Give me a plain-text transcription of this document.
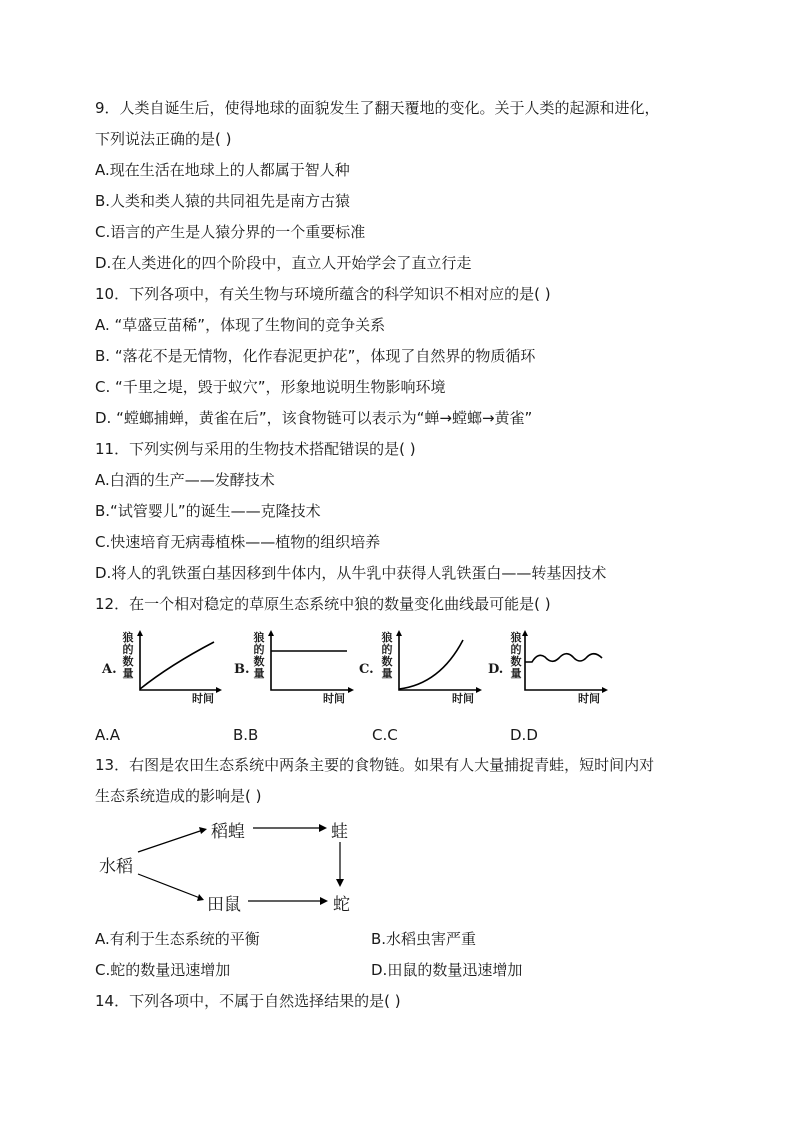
9．人类自诞生后，使得地球的面貌发生了翻天覆地的变化。关于人类的起源和进化，
下列说法正确的是( )
A.现在生活在地球上的人都属于智人种
B.人类和类人猿的共同祖先是南方古猿
C.语言的产生是人猿分界的一个重要标准
D.在人类进化的四个阶段中，直立人开始学会了直立行走
10．下列各项中，有关生物与环境所蕴含的科学知识不相对应的是( )
A. “草盛豆苗稀”，体现了生物间的竞争关系
B. “落花不是无情物，化作春泥更护花”，体现了自然界的物质循环
C. “千里之堤，毁于蚁穴”，形象地说明生物影响环境
D. “螳螂捕蝉，黄雀在后”，该食物链可以表示为“蝉→螳螂→黄雀”
11．下列实例与采用的生物技术搭配错误的是( )
A.白酒的生产——发酵技术
B.“试管婴儿”的诞生——克隆技术
C.快速培育无病毒植株——植物的组织培养
D.将人的乳铁蛋白基因移到牛体内，从牛乳中获得人乳铁蛋白——转基因技术
12．在一个相对稳定的草原生态系统中狼的数量变化曲线最可能是( )
A.
狼的数量
时间
B.
狼的数量
时间
C.
狼的数量
时间
D.
狼的数量
时间
A.A	B.B	C.C	D.D
13．右图是农田生态系统中两条主要的食物链。如果有人大量捕捉青蛙，短时间内对
生态系统造成的影响是( )
水稻
稻蝗	蛙
田鼠	蛇
A.有利于生态系统的平衡	B.水稻虫害严重
C.蛇的数量迅速增加	D.田鼠的数量迅速增加
14．下列各项中，不属于自然选择结果的是( )
